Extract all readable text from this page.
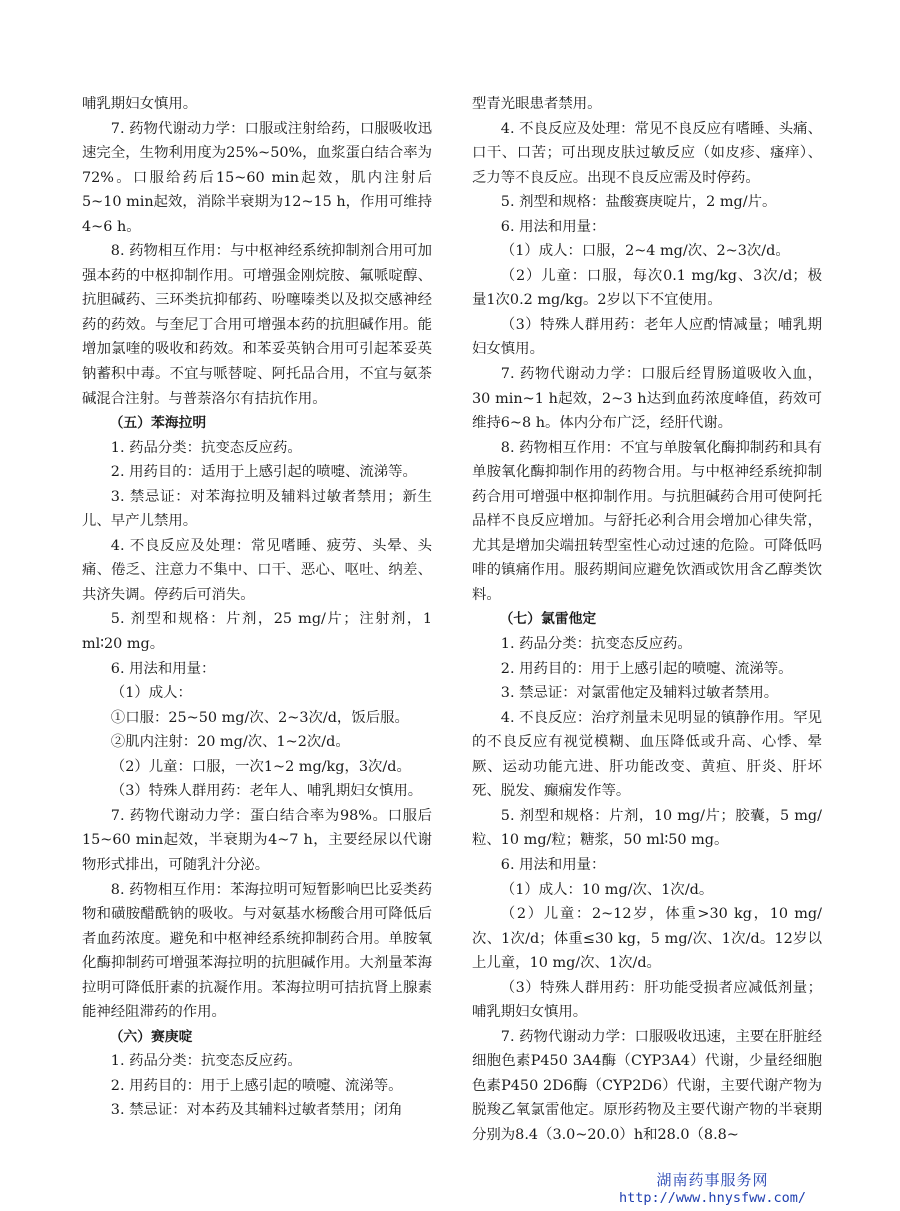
哺乳期妇女慎用。

7. 药物代谢动力学：口服或注射给药，口服吸收迅速完全，生物利用度为25%~50%，血浆蛋白结合率为72%。口服给药后15~60 min起效，肌内注射后5~10 min起效，消除半衰期为12~15 h，作用可维持4~6 h。

8. 药物相互作用：与中枢神经系统抑制剂合用可加强本药的中枢抑制作用。可增强金刚烷胺、氟哌啶醇、抗胆碱药、三环类抗抑郁药、吩噻嗪类以及拟交感神经药的药效。与奎尼丁合用可增强本药的抗胆碱作用。能增加氯喹的吸收和药效。和苯妥英钠合用可引起苯妥英钠蓄积中毒。不宜与哌替啶、阿托品合用，不宜与氨茶碱混合注射。与普萘洛尔有拮抗作用。

（五）苯海拉明

1. 药品分类：抗变态反应药。

2. 用药目的：适用于上感引起的喷嚏、流涕等。

3. 禁忌证：对苯海拉明及辅料过敏者禁用；新生儿、早产儿禁用。

4. 不良反应及处理：常见嗜睡、疲劳、头晕、头痛、倦乏、注意力不集中、口干、恶心、呕吐、纳差、共济失调。停药后可消失。

5. 剂型和规格：片剂，25 mg/片；注射剂，1 ml∶20 mg。

6. 用法和用量：

（1）成人：

①口服：25~50 mg/次、2~3次/d，饭后服。

②肌内注射：20 mg/次、1~2次/d。

（2）儿童：口服，一次1~2 mg/kg，3次/d。

（3）特殊人群用药：老年人、哺乳期妇女慎用。

7. 药物代谢动力学：蛋白结合率为98%。口服后15~60 min起效，半衰期为4~7 h，主要经尿以代谢物形式排出，可随乳汁分泌。

8. 药物相互作用：苯海拉明可短暂影响巴比妥类药物和磺胺醋酰钠的吸收。与对氨基水杨酸合用可降低后者血药浓度。避免和中枢神经系统抑制药合用。单胺氧化酶抑制药可增强苯海拉明的抗胆碱作用。大剂量苯海拉明可降低肝素的抗凝作用。苯海拉明可拮抗肾上腺素能神经阻滞药的作用。

（六）赛庚啶

1. 药品分类：抗变态反应药。

2. 用药目的：用于上感引起的喷嚏、流涕等。

3. 禁忌证：对本药及其辅料过敏者禁用；闭角

型青光眼患者禁用。

4. 不良反应及处理：常见不良反应有嗜睡、头痛、口干、口苦；可出现皮肤过敏反应（如皮疹、瘙痒）、乏力等不良反应。出现不良反应需及时停药。

5. 剂型和规格：盐酸赛庚啶片，2 mg/片。

6. 用法和用量：

（1）成人：口服，2~4 mg/次、2~3次/d。

（2）儿童：口服，每次0.1 mg/kg、3次/d；极量1次0.2 mg/kg。2岁以下不宜使用。

（3）特殊人群用药：老年人应酌情减量；哺乳期妇女慎用。

7. 药物代谢动力学：口服后经胃肠道吸收入血，30 min~1 h起效，2~3 h达到血药浓度峰值，药效可维持6~8 h。体内分布广泛，经肝代谢。

8. 药物相互作用：不宜与单胺氧化酶抑制药和具有单胺氧化酶抑制作用的药物合用。与中枢神经系统抑制药合用可增强中枢抑制作用。与抗胆碱药合用可使阿托品样不良反应增加。与舒托必利合用会增加心律失常，尤其是增加尖端扭转型室性心动过速的危险。可降低吗啡的镇痛作用。服药期间应避免饮酒或饮用含乙醇类饮料。

（七）氯雷他定

1. 药品分类：抗变态反应药。

2. 用药目的：用于上感引起的喷嚏、流涕等。

3. 禁忌证：对氯雷他定及辅料过敏者禁用。

4. 不良反应：治疗剂量未见明显的镇静作用。罕见的不良反应有视觉模糊、血压降低或升高、心悸、晕厥、运动功能亢进、肝功能改变、黄疸、肝炎、肝坏死、脱发、癫痫发作等。

5. 剂型和规格：片剂，10 mg/片；胶囊，5 mg/粒、10 mg/粒；糖浆，50 ml∶50 mg。

6. 用法和用量：

（1）成人：10 mg/次、1次/d。

（2）儿童：2~12岁，体重>30 kg，10 mg/次、1次/d；体重≤30 kg，5 mg/次、1次/d。12岁以上儿童，10 mg/次、1次/d。

（3）特殊人群用药：肝功能受损者应减低剂量；哺乳期妇女慎用。

7. 药物代谢动力学：口服吸收迅速，主要在肝脏经细胞色素P450 3A4酶（CYP3A4）代谢，少量经细胞色素P450 2D6酶（CYP2D6）代谢，主要代谢产物为脱羧乙氧氯雷他定。原形药物及主要代谢产物的半衰期分别为8.4（3.0~20.0）h和28.0（8.8~

湖南药事服务网
http://www.hnysfww.com/
